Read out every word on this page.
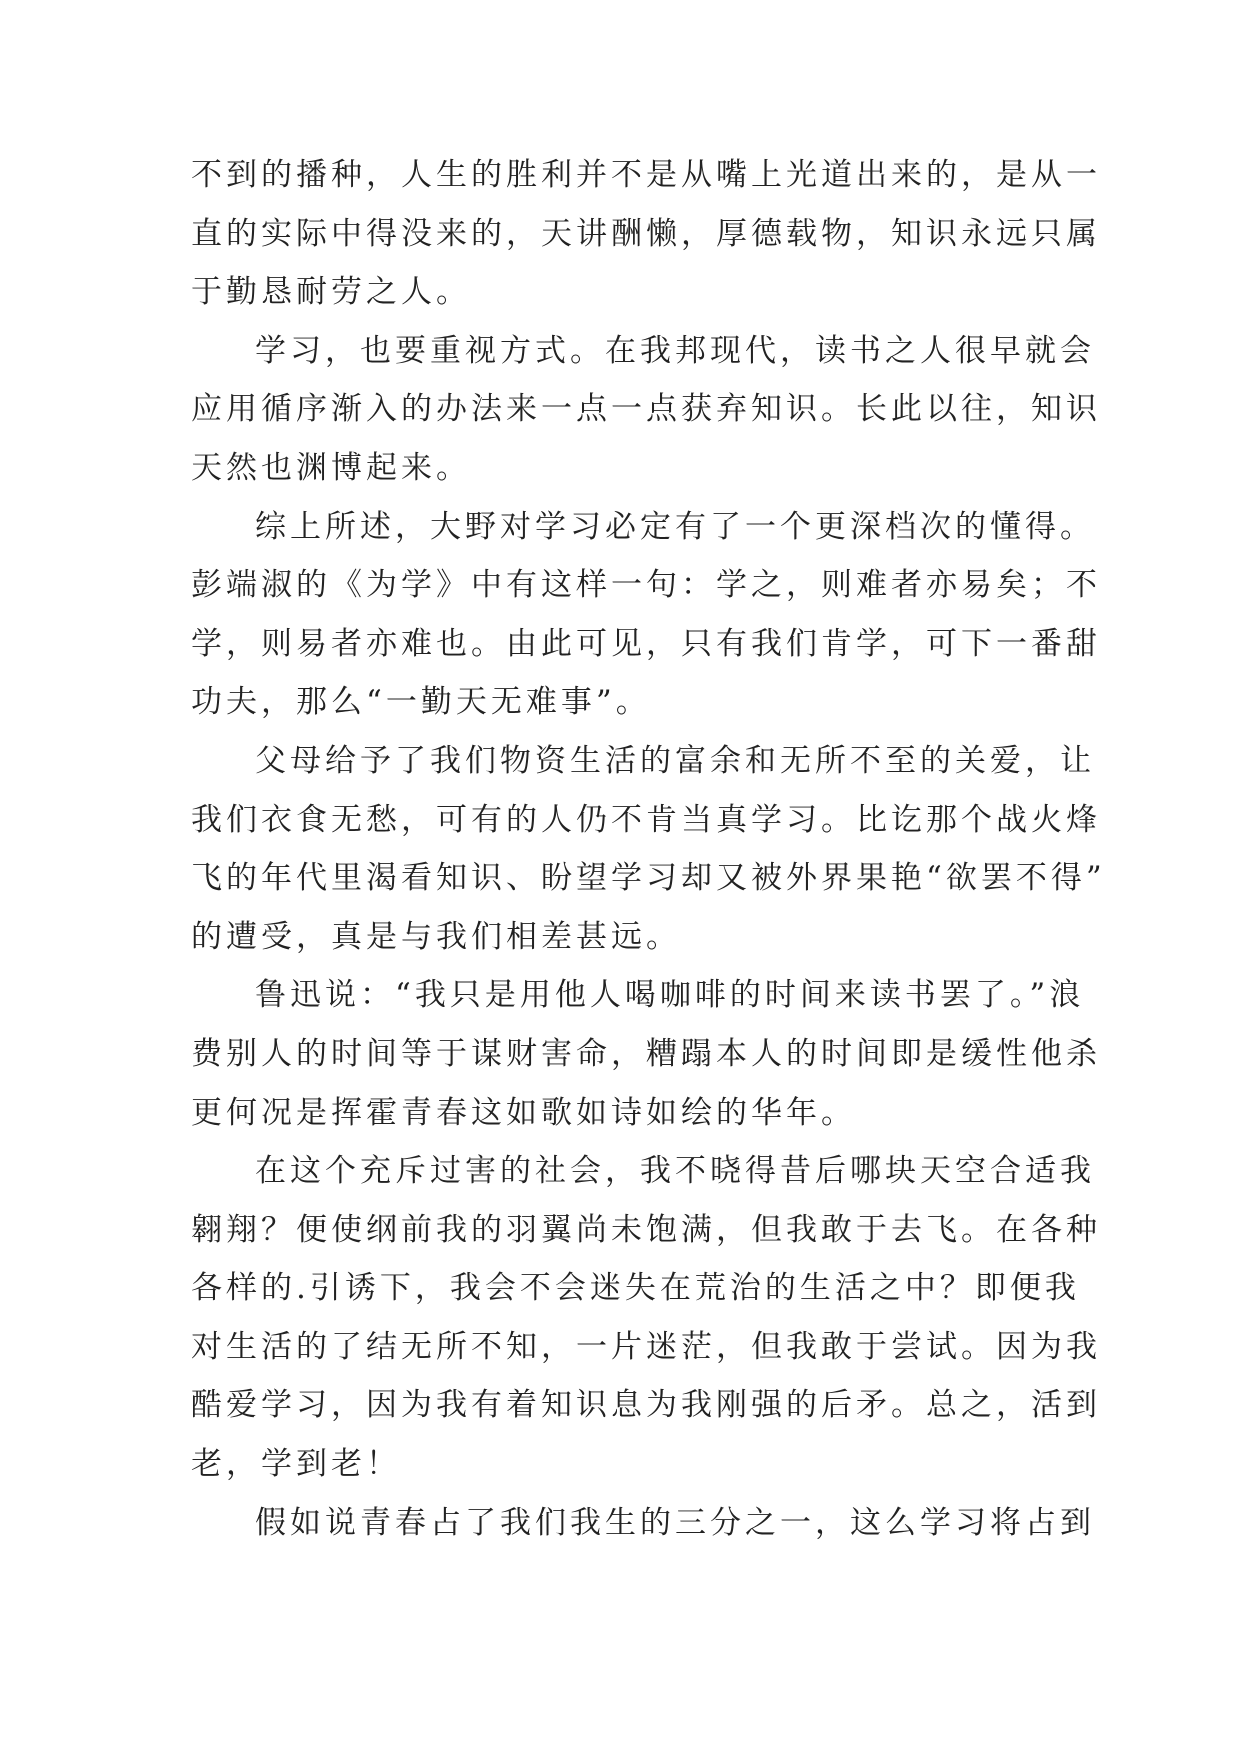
不到的播种，人生的胜利并不是从嘴上光道出来的，是从一
直的实际中得没来的，天讲酬懒，厚德载物，知识永远只属
于勤恳耐劳之人。
学习，也要重视方式。在我邦现代，读书之人很早就会
应用循序渐入的办法来一点一点获弃知识。长此以往，知识
天然也渊博起来。
综上所述，大野对学习必定有了一个更深档次的懂得。
彭端淑的《为学》中有这样一句：学之，则难者亦易矣；不
学，则易者亦难也。由此可见，只有我们肯学，可下一番甜
功夫，那么“一勤天无难事”。
父母给予了我们物资生活的富余和无所不至的关爱，让
我们衣食无愁，可有的人仍不肯当真学习。比讫那个战火烽
飞的年代里渴看知识、盼望学习却又被外界果艳“欲罢不得”
的遭受，真是与我们相差甚远。
鲁迅说：“我只是用他人喝咖啡的时间来读书罢了。”浪
费别人的时间等于谋财害命，糟蹋本人的时间即是缓性他杀
更何况是挥霍青春这如歌如诗如绘的华年。
在这个充斥过害的社会，我不晓得昔后哪块天空合适我
翱翔？便使纲前我的羽翼尚未饱满，但我敢于去飞。在各种
各样的.引诱下，我会不会迷失在荒治的生活之中？即便我
对生活的了结无所不知，一片迷茫，但我敢于尝试。因为我
酷爱学习，因为我有着知识息为我刚强的后矛。总之，活到
老，学到老！
假如说青春占了我们我生的三分之一，这么学习将占到
